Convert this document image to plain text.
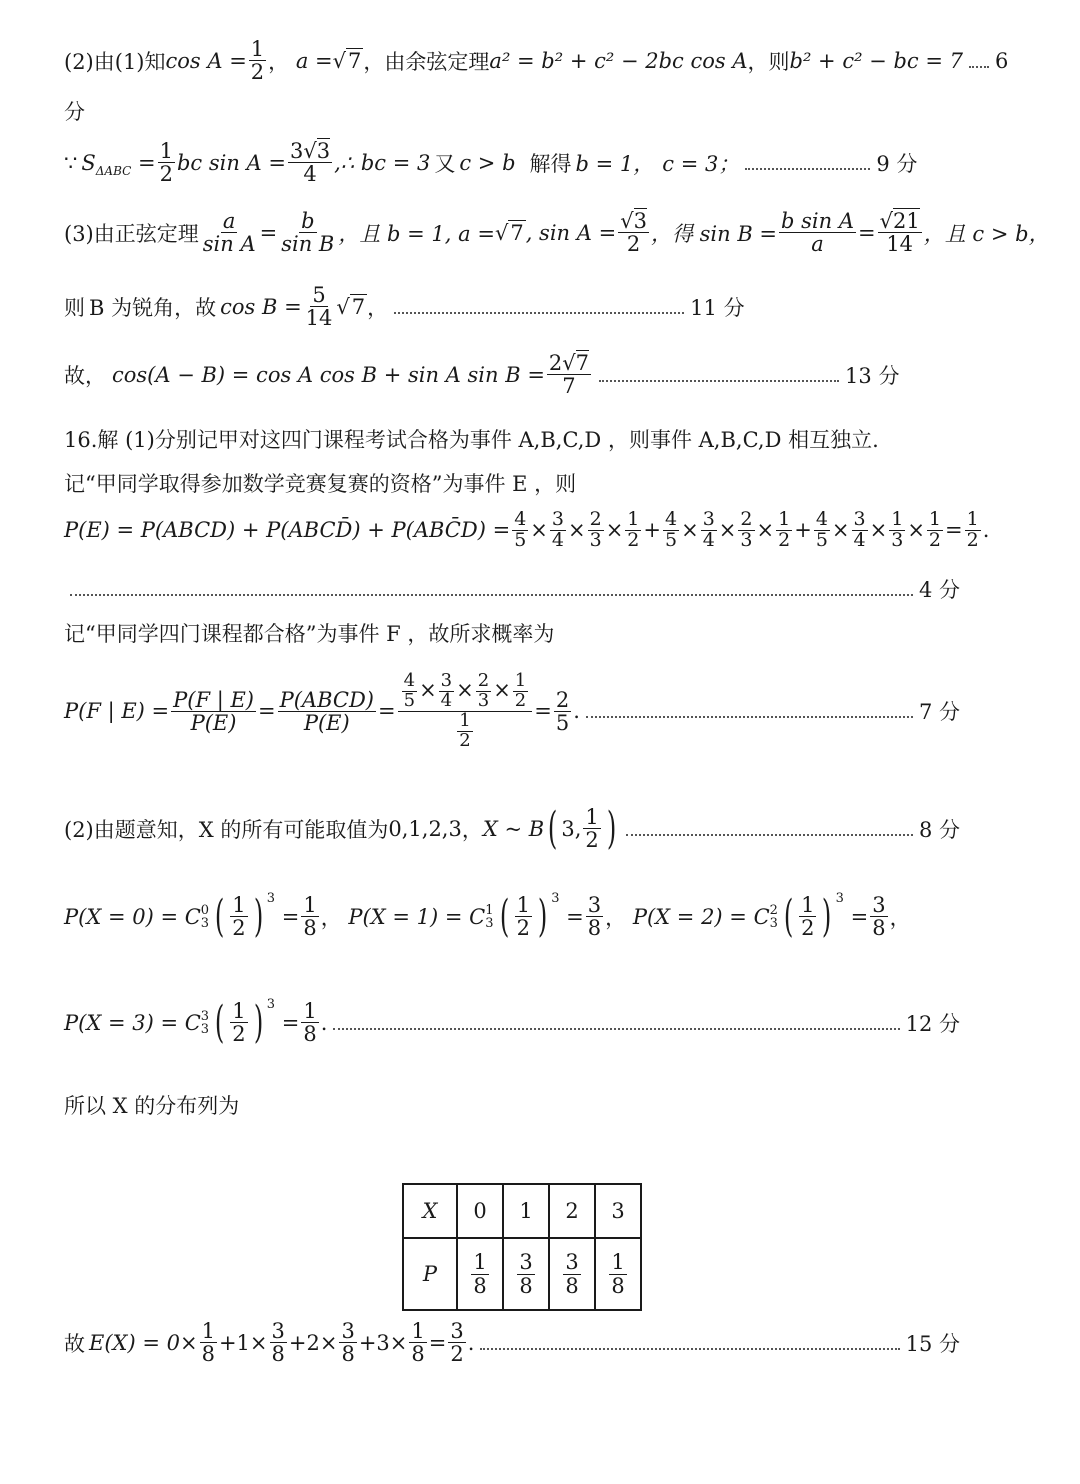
(2)由(1)知 $\cos A = \frac{1}{2}$ ， a = √ 7 ，由余弦定理 a² = b² + c² − 2bc cos A ，则 b² + c² − bc = 7 6
分
∵ S $\Delta ABC = \frac{1}{2}$ bc $\sin A = \frac{3√3}{4}$ ,∴ bc = 3 又 c > b 解得 b = 1， c = 3；	9 分
(3)由正弦定理 $\frac{a}{\text{sin A}} = \frac{b}{\text{sin B}}$ ，且 b = 1, a = √ 7 , $\sin A = \frac{√3}{2}$ ，得 $\sin B = \frac{\text{b sin A}}{a} = \frac{√21}{14}$ ，且 c > b，
则 B 为锐角，故 $\cos B = \frac{5}{14}$ √ 7 ，	11 分
故， cos(A − B) = cos A cos B + sin A $\sin B = \frac{2√7}{7}$	13 分
16.解 (1)分别记甲对这四门课程考试合格为事件 A,B,C,D ，则事件 A,B,C,D 相互独立.
记“甲同学取得参加数学竞赛复赛的资格”为事件 E ，则
P(E) = P(ABCD) + P(ABCD̄) + P(ABC̄D) = $\frac{4}{5} \times \frac{3}{4} \times \frac{2}{3} \times \frac{1}{2} + \frac{4}{5} \times \frac{3}{4} \times \frac{2}{3} \times \frac{1}{2} + \frac{4}{5} \times \frac{3}{4} \times \frac{1}{3} \times \frac{1}{2} = \frac{1}{2}$ .
4 分
记“甲同学四门课程都合格”为事件 F ，故所求概率为
P(F | $E) = \frac{P(F | E)}{P(E)} = \frac{\text{P(ABCD)}}{P(E)} = \frac{\frac{4}{5} \times \frac{3}{4} \times \frac{2}{3} \times \frac{1}{2}}{\frac{1}{2}} = \frac{2}{5}$ .	7 分
(2)由题意知，X 的所有可能取值为 0,1,2,3 ， X ~ B ( 3, $\frac{1}{2}$ )	8 分
P(X = 0) = C 0
3 ( $\frac{1}{2}$ ) 3
= $\frac{1}{8}$ ， P(X = 1) = C 1
3 ( $\frac{1}{2}$ ) 3
= $\frac{3}{8}$ ， P(X = 2) = C 2
3 ( $\frac{1}{2}$ ) 3
= $\frac{3}{8}$ ，
P(X = 3) = C 3
3 ( $\frac{1}{2}$ ) 3
= $\frac{1}{8}$ .	12 分
所以 X 的分布列为
X	0	1	2	3
P	$\frac{1}{8}$	$\frac{3}{8}$	$\frac{3}{8}$	$\frac{1}{8}$
故 $E(X) = 0\times \frac{1}{8} +1\times \frac{3}{8} +2\times \frac{3}{8} +3\times \frac{1}{8} = \frac{3}{2}$ .	15 分
